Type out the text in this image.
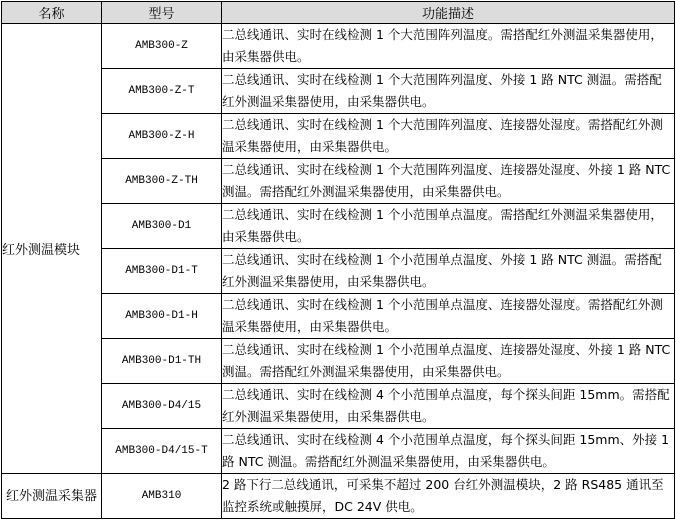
名称	型号	功能描述
红外测温模块	AMB300-Z	二总线通讯、实时在线检测 1 个大范围阵列温度。需搭配红外测温采集器使用，由采集器供电。
	AMB300-Z-T	二总线通讯、实时在线检测 1 个大范围阵列温度、外接 1 路 NTC 测温。需搭配红外测温采集器使用，由采集器供电。
	AMB300-Z-H	二总线通讯、实时在线检测 1 个大范围阵列温度、连接器处湿度。需搭配红外测温采集器使用，由采集器供电。
	AMB300-Z-TH	二总线通讯、实时在线检测 1 个大范围阵列温度、连接器处湿度、外接 1 路 NTC 测温。需搭配红外测温采集器使用，由采集器供电。
	AMB300-D1	二总线通讯、实时在线检测 1 个小范围单点温度。需搭配红外测温采集器使用，由采集器供电。
	AMB300-D1-T	二总线通讯、实时在线检测 1 个小范围单点温度、外接 1 路 NTC 测温。需搭配红外测温采集器使用，由采集器供电。
	AMB300-D1-H	二总线通讯、实时在线检测 1 个小范围单点温度、连接器处湿度。需搭配红外测温采集器使用，由采集器供电。
	AMB300-D1-TH	二总线通讯、实时在线检测 1 个小范围单点温度、连接器处湿度、外接 1 路 NTC 测温。需搭配红外测温采集器使用，由采集器供电。
	AMB300-D4/15	二总线通讯、实时在线检测 4 个小范围单点温度，每个探头间距 15mm。需搭配红外测温采集器使用，由采集器供电。
	AMB300-D4/15-T	二总线通讯、实时在线检测 4 个小范围单点温度，每个探头间距 15mm、外接 1 路 NTC 测温。需搭配红外测温采集器使用，由采集器供电。
红外测温采集器	AMB310	2 路下行二总线通讯，可采集不超过 200 台红外测温模块，2 路 RS485 通讯至监控系统或触摸屏，DC 24V 供电。
